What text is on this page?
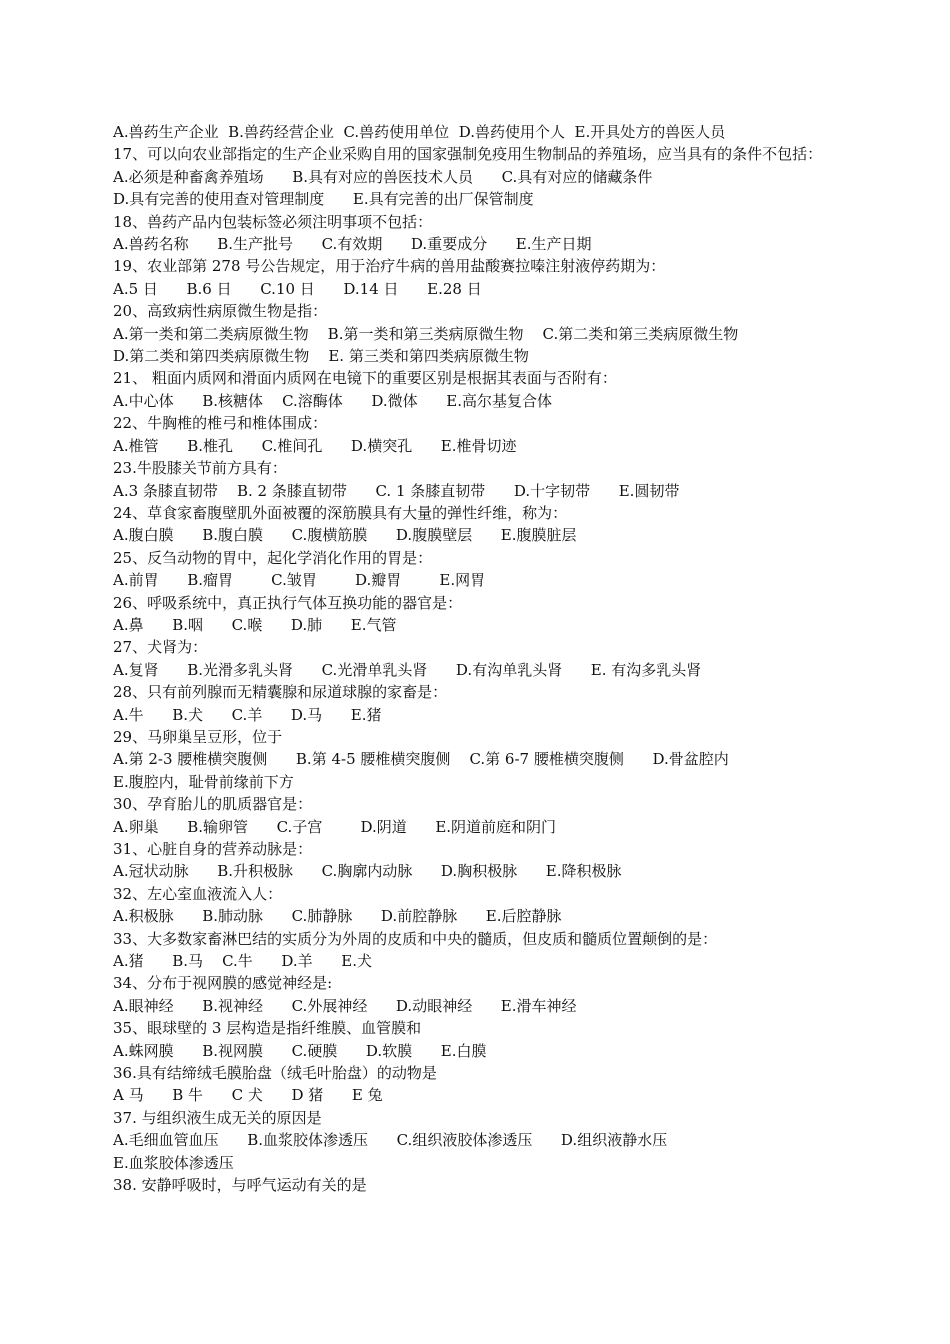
A.兽药生产企业  B.兽药经营企业  C.兽药使用单位  D.兽药使用个人  E.开具处方的兽医人员

17、可以向农业部指定的生产企业采购自用的国家强制免疫用生物制品的养殖场，应当具有的条件不包括：

A.必须是种畜禽养殖场      B.具有对应的兽医技术人员      C.具有对应的储藏条件

D.具有完善的使用查对管理制度      E.具有完善的出厂保管制度

18、兽药产品内包装标签必须注明事项不包括：

A.兽药名称      B.生产批号      C.有效期      D.重要成分      E.生产日期

19、农业部第 278 号公告规定，用于治疗牛病的兽用盐酸赛拉嗪注射液停药期为：

A.5 日      B.6 日      C.10 日      D.14 日      E.28 日

20、高致病性病原微生物是指：

A.第一类和第二类病原微生物    B.第一类和第三类病原微生物    C.第二类和第三类病原微生物

D.第二类和第四类病原微生物    E. 第三类和第四类病原微生物

21、 粗面内质网和滑面内质网在电镜下的重要区别是根据其表面与否附有：

A.中心体      B.核糖体    C.溶酶体      D.微体      E.高尔基复合体

22、牛胸椎的椎弓和椎体围成：

A.椎管      B.椎孔      C.椎间孔      D.横突孔      E.椎骨切迹

23.牛股膝关节前方具有：

A.3 条膝直韧带    B. 2 条膝直韧带      C. 1 条膝直韧带      D.十字韧带      E.圆韧带

24、草食家畜腹壁肌外面被覆的深筋膜具有大量的弹性纤维，称为：

A.腹白膜      B.腹白膜      C.腹横筋膜      D.腹膜壁层      E.腹膜脏层

25、反刍动物的胃中，起化学消化作用的胃是：

A.前胃      B.瘤胃        C.皱胃        D.瓣胃        E.网胃

26、呼吸系统中，真正执行气体互换功能的器官是：

A.鼻      B.咽      C.喉      D.肺      E.气管

27、犬肾为：

A.复肾      B.光滑多乳头肾      C.光滑单乳头肾      D.有沟单乳头肾      E. 有沟多乳头肾

28、只有前列腺而无精囊腺和尿道球腺的家畜是：

A.牛      B.犬      C.羊      D.马      E.猪

29、马卵巢呈豆形，位于

A.第 2-3 腰椎横突腹侧      B.第 4-5 腰椎横突腹侧    C.第 6-7 腰椎横突腹侧      D.骨盆腔内

E.腹腔内，耻骨前缘前下方

30、孕育胎儿的肌质器官是：

A.卵巢      B.输卵管      C.子宫        D.阴道      E.阴道前庭和阴门

31、心脏自身的营养动脉是：

A.冠状动脉      B.升积极脉      C.胸廓内动脉      D.胸积极脉      E.降积极脉

32、左心室血液流入人：

A.积极脉      B.肺动脉      C.肺静脉      D.前腔静脉      E.后腔静脉

33、大多数家畜淋巴结的实质分为外周的皮质和中央的髓质，但皮质和髓质位置颠倒的是：

A.猪      B.马    C.牛      D.羊      E.犬

34、分布于视网膜的感觉神经是:

A.眼神经      B.视神经      C.外展神经      D.动眼神经      E.滑车神经

35、眼球壁的 3 层构造是指纤维膜、血管膜和

A.蛛网膜      B.视网膜      C.硬膜      D.软膜      E.白膜

36.具有结缔绒毛膜胎盘（绒毛叶胎盘）的动物是

A 马      B 牛      C 犬      D 猪      E 兔

37. 与组织液生成无关的原因是

A.毛细血管血压      B.血浆胶体渗透压      C.组织液胶体渗透压      D.组织液静水压

E.血浆胶体渗透压

38. 安静呼吸时，与呼气运动有关的是
